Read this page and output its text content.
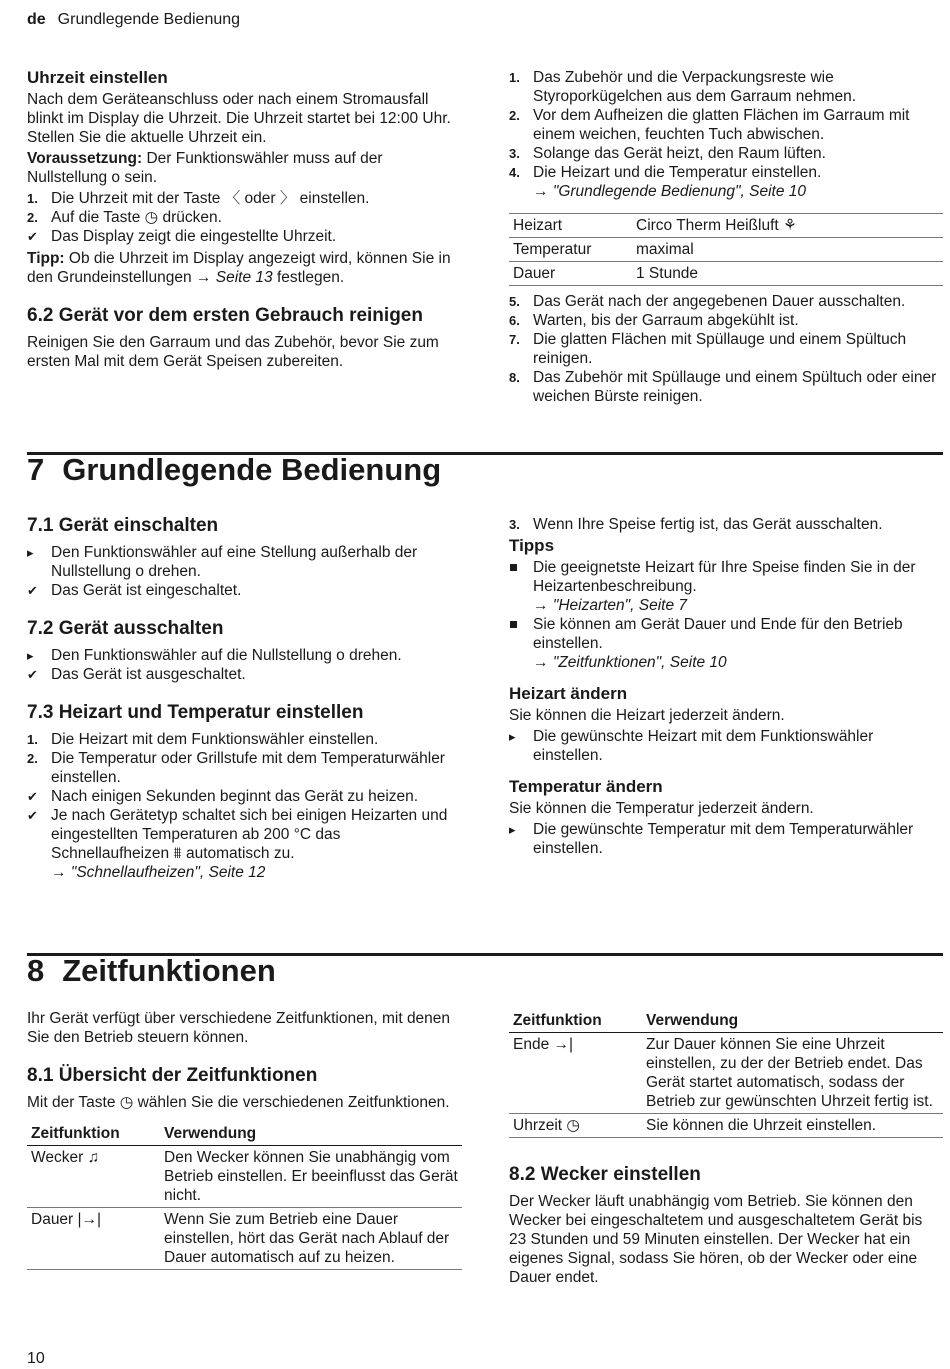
de Grundlegende Bedienung
Uhrzeit einstellen

Nach dem Geräteanschluss oder nach einem Stromausfall blinkt im Display die Uhrzeit. Die Uhrzeit startet bei 12:00 Uhr. Stellen Sie die aktuelle Uhrzeit ein.

Voraussetzung: Der Funktionswähler muss auf der Nullstellung o sein.

1. Die Uhrzeit mit der Taste 〈 oder 〉 einstellen.
2. Auf die Taste ◷ drücken.
✔ Das Display zeigt die eingestellte Uhrzeit.

Tipp: Ob die Uhrzeit im Display angezeigt wird, können Sie in den Grundeinstellungen → Seite 13 festlegen.

6.2 Gerät vor dem ersten Gebrauch reinigen

Reinigen Sie den Garraum und das Zubehör, bevor Sie zum ersten Mal mit dem Gerät Speisen zubereiten.

1. Das Zubehör und die Verpackungsreste wie Styroporkügelchen aus dem Garraum nehmen.
2. Vor dem Aufheizen die glatten Flächen im Garraum mit einem weichen, feuchten Tuch abwischen.
3. Solange das Gerät heizt, den Raum lüften.
4. Die Heizart und die Temperatur einstellen.
→ "Grundlegende Bedienung", Seite 10
Heizart	Circo Therm Heißluft ⚘
Temperatur	maximal
Dauer	1 Stunde
5. Das Gerät nach der angegebenen Dauer ausschalten.
6. Warten, bis der Garraum abgekühlt ist.
7. Die glatten Flächen mit Spüllauge und einem Spültuch reinigen.
8. Das Zubehör mit Spüllauge und einem Spültuch oder einer weichen Bürste reinigen.
7 Grundlegende Bedienung
7.1 Gerät einschalten
▸ Den Funktionswähler auf eine Stellung außerhalb der Nullstellung o drehen.
✔ Das Gerät ist eingeschaltet.
7.2 Gerät ausschalten
▸ Den Funktionswähler auf die Nullstellung o drehen.
✔ Das Gerät ist ausgeschaltet.
7.3 Heizart und Temperatur einstellen
1. Die Heizart mit dem Funktionswähler einstellen.
2. Die Temperatur oder Grillstufe mit dem Temperaturwähler einstellen.
✔ Nach einigen Sekunden beginnt das Gerät zu heizen.
✔ Je nach Gerätetyp schaltet sich bei einigen Heizarten und eingestellten Temperaturen ab 200 °C das Schnellaufheizen ⩩ automatisch zu.
→ "Schnellaufheizen", Seite 12
3. Wenn Ihre Speise fertig ist, das Gerät ausschalten.
Tipps
Die geeignetste Heizart für Ihre Speise finden Sie in der Heizartenbeschreibung.
→ "Heizarten", Seite 7
Sie können am Gerät Dauer und Ende für den Betrieb einstellen.
→ "Zeitfunktionen", Seite 10
Heizart ändern

Sie können die Heizart jederzeit ändern.

▸ Die gewünschte Heizart mit dem Funktionswähler einstellen.
Temperatur ändern

Sie können die Temperatur jederzeit ändern.

▸ Die gewünschte Temperatur mit dem Temperaturwähler einstellen.
8 Zeitfunktionen

Ihr Gerät verfügt über verschiedene Zeitfunktionen, mit denen Sie den Betrieb steuern können.

8.1 Übersicht der Zeitfunktionen

Mit der Taste ◷ wählen Sie die verschiedenen Zeitfunktionen.

Zeitfunktion	Verwendung
Wecker ♫	Den Wecker können Sie unabhängig vom Betrieb einstellen. Er beeinflusst das Gerät nicht.
Dauer |→|	Wenn Sie zum Betrieb eine Dauer einstellen, hört das Gerät nach Ablauf der Dauer automatisch auf zu heizen.
Zeitfunktion	Verwendung
Ende →|	Zur Dauer können Sie eine Uhrzeit einstellen, zu der der Betrieb endet. Das Gerät startet automatisch, sodass der Betrieb zur gewünschten Uhrzeit fertig ist.
Uhrzeit ◷	Sie können die Uhrzeit einstellen.
8.2 Wecker einstellen

Der Wecker läuft unabhängig vom Betrieb. Sie können den Wecker bei eingeschaltetem und ausgeschaltetem Gerät bis 23 Stunden und 59 Minuten einstellen. Der Wecker hat ein eigenes Signal, sodass Sie hören, ob der Wecker oder eine Dauer endet.

10
